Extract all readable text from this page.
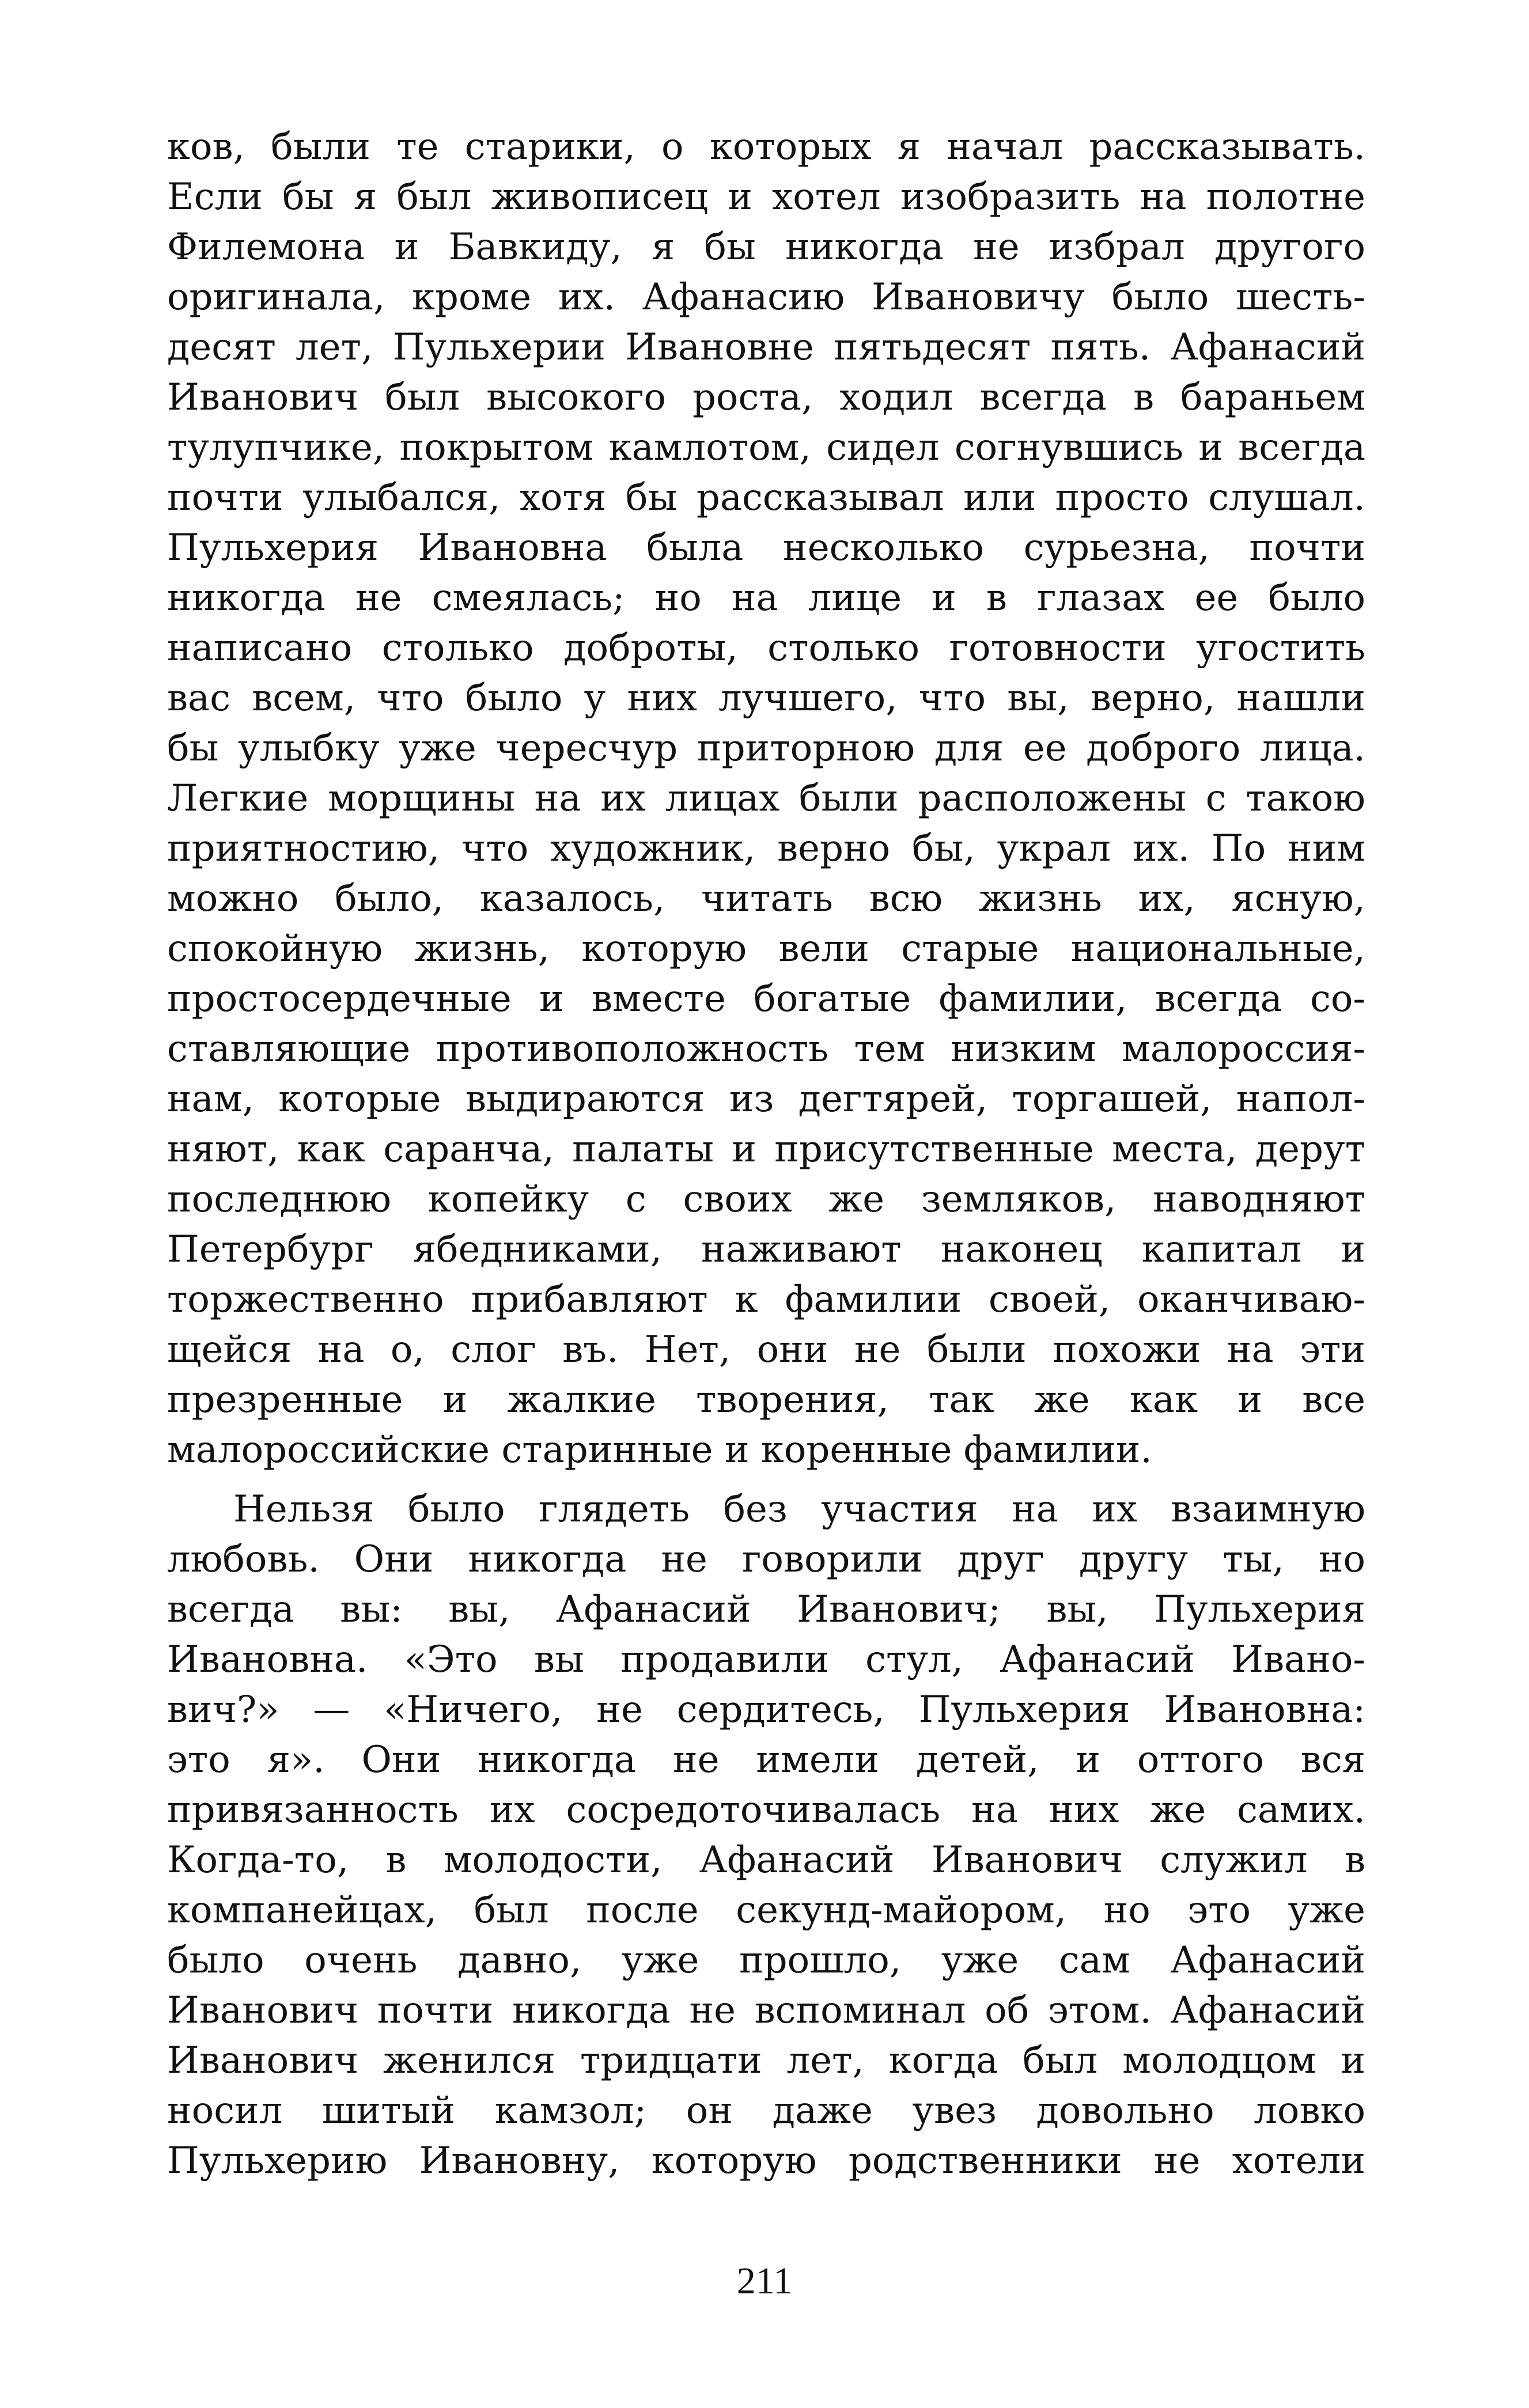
ков, были те старики, о которых я начал рассказывать.
Если бы я был живописец и хотел изобразить на полотне
Филемона и Бавкиду, я бы никогда не избрал другого
оригинала, кроме их. Афанасию Ивановичу было шесть-
десят лет, Пульхерии Ивановне пятьдесят пять. Афанасий
Иванович был высокого роста, ходил всегда в бараньем
тулупчике, покрытом камлотом, сидел согнувшись и всегда
почти улыбался, хотя бы рассказывал или просто слушал.
Пульхерия Ивановна была несколько сурьезна, почти
никогда не смеялась; но на лице и в глазах ее было
написано столько доброты, столько готовности угостить
вас всем, что было у них лучшего, что вы, верно, нашли
бы улыбку уже чересчур приторною для ее доброго лица.
Легкие морщины на их лицах были расположены с такою
приятностию, что художник, верно бы, украл их. По ним
можно было, казалось, читать всю жизнь их, ясную,
спокойную жизнь, которую вели старые национальные,
простосердечные и вместе богатые фамилии, всегда со-
ставляющие противоположность тем низким малороссия-
нам, которые выдираются из дегтярей, торгашей, напол-
няют, как саранча, палаты и присутственные места, дерут
последнюю копейку с своих же земляков, наводняют
Петербург ябедниками, наживают наконец капитал и
торжественно прибавляют к фамилии своей, оканчиваю-
щейся на о, слог въ. Нет, они не были похожи на эти
презренные и жалкие творения, так же как и все
малороссийские старинные и коренные фамилии.
Нельзя было глядеть без участия на их взаимную
любовь. Они никогда не говорили друг другу ты, но
всегда вы: вы, Афанасий Иванович; вы, Пульхерия
Ивановна. «Это вы продавили стул, Афанасий Ивано-
вич?» — «Ничего, не сердитесь, Пульхерия Ивановна:
это я». Они никогда не имели детей, и оттого вся
привязанность их сосредоточивалась на них же самих.
Когда-то, в молодости, Афанасий Иванович служил в
компанейцах, был после секунд-майором, но это уже
было очень давно, уже прошло, уже сам Афанасий
Иванович почти никогда не вспоминал об этом. Афанасий
Иванович женился тридцати лет, когда был молодцом и
носил шитый камзол; он даже увез довольно ловко
Пульхерию Ивановну, которую родственники не хотели
211
